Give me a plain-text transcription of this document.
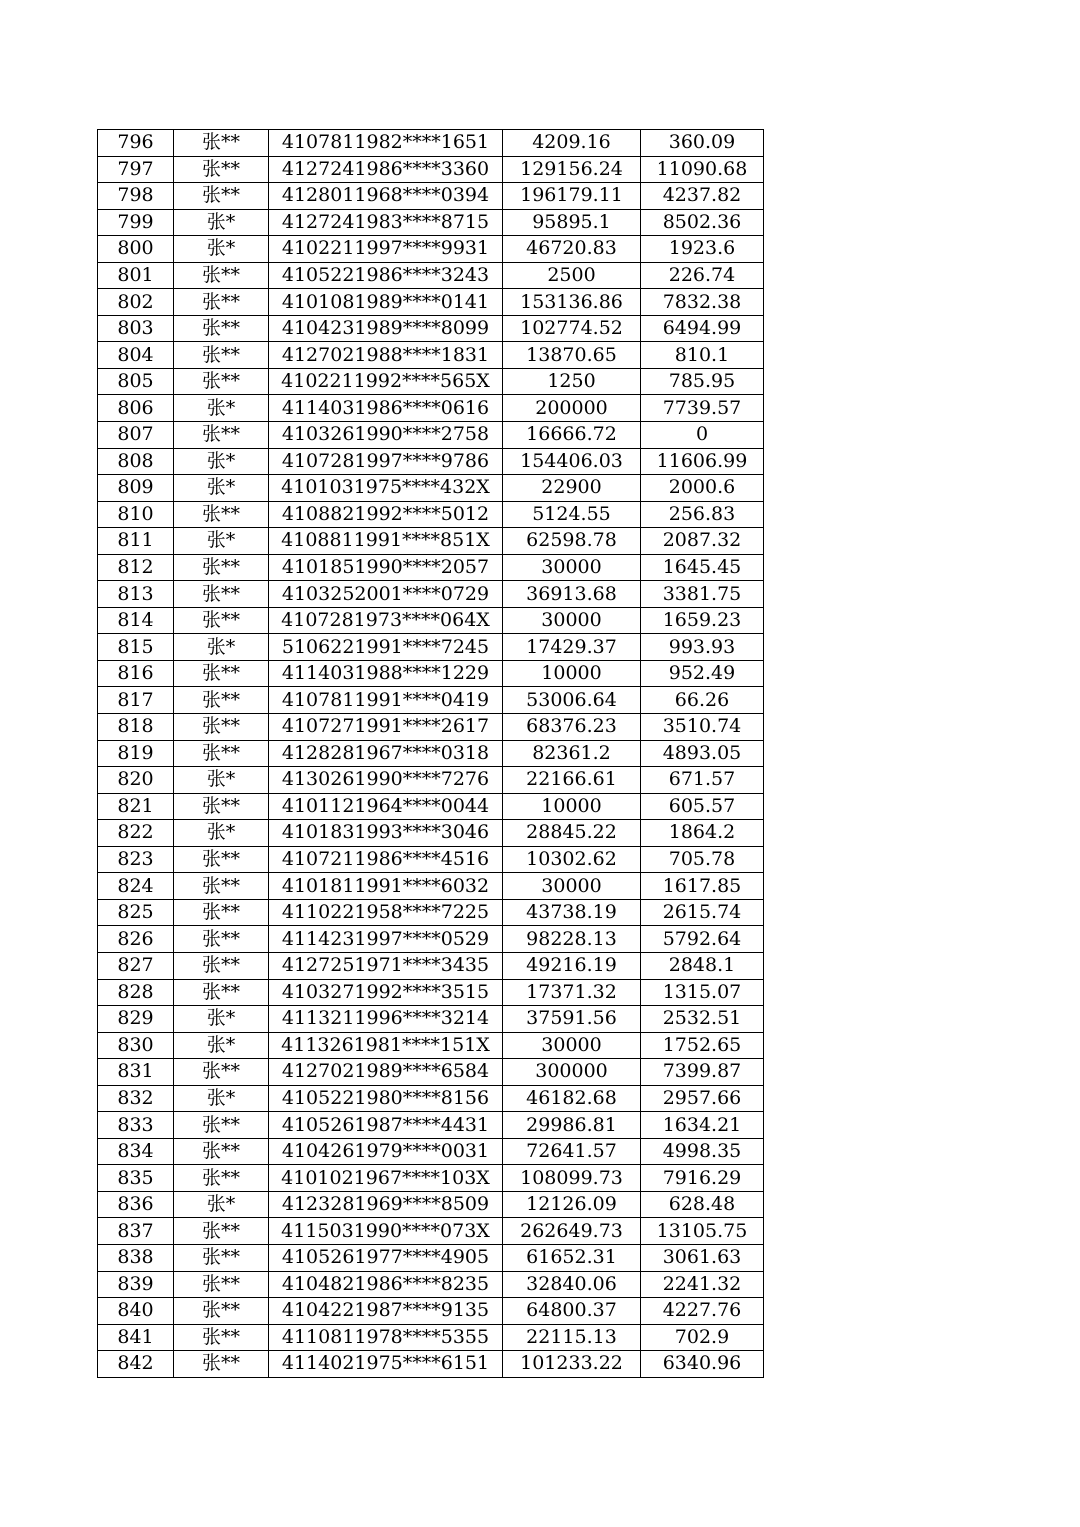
796	张**	4107811982****1651	4209.16	360.09
797	张**	4127241986****3360	129156.24	11090.68
798	张**	4128011968****0394	196179.11	4237.82
799	张*	4127241983****8715	95895.1	8502.36
800	张*	4102211997****9931	46720.83	1923.6
801	张**	4105221986****3243	2500	226.74
802	张**	4101081989****0141	153136.86	7832.38
803	张**	4104231989****8099	102774.52	6494.99
804	张**	4127021988****1831	13870.65	810.1
805	张**	4102211992****565X	1250	785.95
806	张*	4114031986****0616	200000	7739.57
807	张**	4103261990****2758	16666.72	0
808	张*	4107281997****9786	154406.03	11606.99
809	张*	4101031975****432X	22900	2000.6
810	张**	4108821992****5012	5124.55	256.83
811	张*	4108811991****851X	62598.78	2087.32
812	张**	4101851990****2057	30000	1645.45
813	张**	4103252001****0729	36913.68	3381.75
814	张**	4107281973****064X	30000	1659.23
815	张*	5106221991****7245	17429.37	993.93
816	张**	4114031988****1229	10000	952.49
817	张**	4107811991****0419	53006.64	66.26
818	张**	4107271991****2617	68376.23	3510.74
819	张**	4128281967****0318	82361.2	4893.05
820	张*	4130261990****7276	22166.61	671.57
821	张**	4101121964****0044	10000	605.57
822	张*	4101831993****3046	28845.22	1864.2
823	张**	4107211986****4516	10302.62	705.78
824	张**	4101811991****6032	30000	1617.85
825	张**	4110221958****7225	43738.19	2615.74
826	张**	4114231997****0529	98228.13	5792.64
827	张**	4127251971****3435	49216.19	2848.1
828	张**	4103271992****3515	17371.32	1315.07
829	张*	4113211996****3214	37591.56	2532.51
830	张*	4113261981****151X	30000	1752.65
831	张**	4127021989****6584	300000	7399.87
832	张*	4105221980****8156	46182.68	2957.66
833	张**	4105261987****4431	29986.81	1634.21
834	张**	4104261979****0031	72641.57	4998.35
835	张**	4101021967****103X	108099.73	7916.29
836	张*	4123281969****8509	12126.09	628.48
837	张**	4115031990****073X	262649.73	13105.75
838	张**	4105261977****4905	61652.31	3061.63
839	张**	4104821986****8235	32840.06	2241.32
840	张**	4104221987****9135	64800.37	4227.76
841	张**	4110811978****5355	22115.13	702.9
842	张**	4114021975****6151	101233.22	6340.96
